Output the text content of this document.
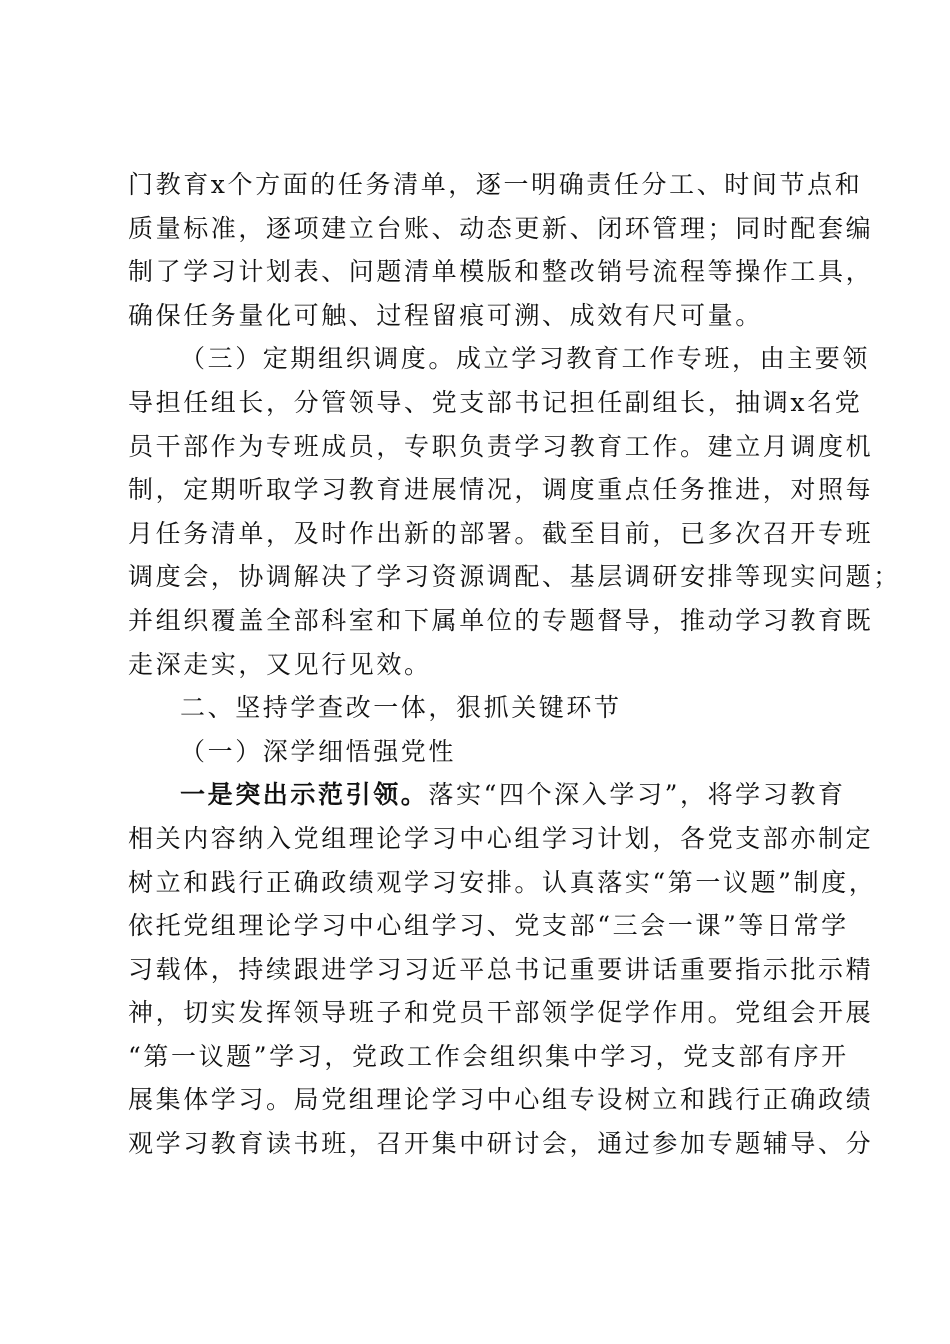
门教育x个方面的任务清单，逐一明确责任分工、时间节点和
质量标准，逐项建立台账、动态更新、闭环管理；同时配套编
制了学习计划表、问题清单模版和整改销号流程等操作工具，
确保任务量化可触、过程留痕可溯、成效有尺可量。
（三）定期组织调度。成立学习教育工作专班，由主要领
导担任组长，分管领导、党支部书记担任副组长，抽调x名党
员干部作为专班成员，专职负责学习教育工作。建立月调度机
制，定期听取学习教育进展情况，调度重点任务推进，对照每
月任务清单，及时作出新的部署。截至目前，已多次召开专班
调度会，协调解决了学习资源调配、基层调研安排等现实问题；
并组织覆盖全部科室和下属单位的专题督导，推动学习教育既
走深走实，又见行见效。
二、坚持学查改一体，狠抓关键环节
（一）深学细悟强党性
一是突出示范引领。落实“四个深入学习”，将学习教育
相关内容纳入党组理论学习中心组学习计划，各党支部亦制定
树立和践行正确政绩观学习安排。认真落实“第一议题”制度，
依托党组理论学习中心组学习、党支部“三会一课”等日常学
习载体，持续跟进学习习近平总书记重要讲话重要指示批示精
神，切实发挥领导班子和党员干部领学促学作用。党组会开展
“第一议题”学习，党政工作会组织集中学习，党支部有序开
展集体学习。局党组理论学习中心组专设树立和践行正确政绩
观学习教育读书班，召开集中研讨会，通过参加专题辅导、分
